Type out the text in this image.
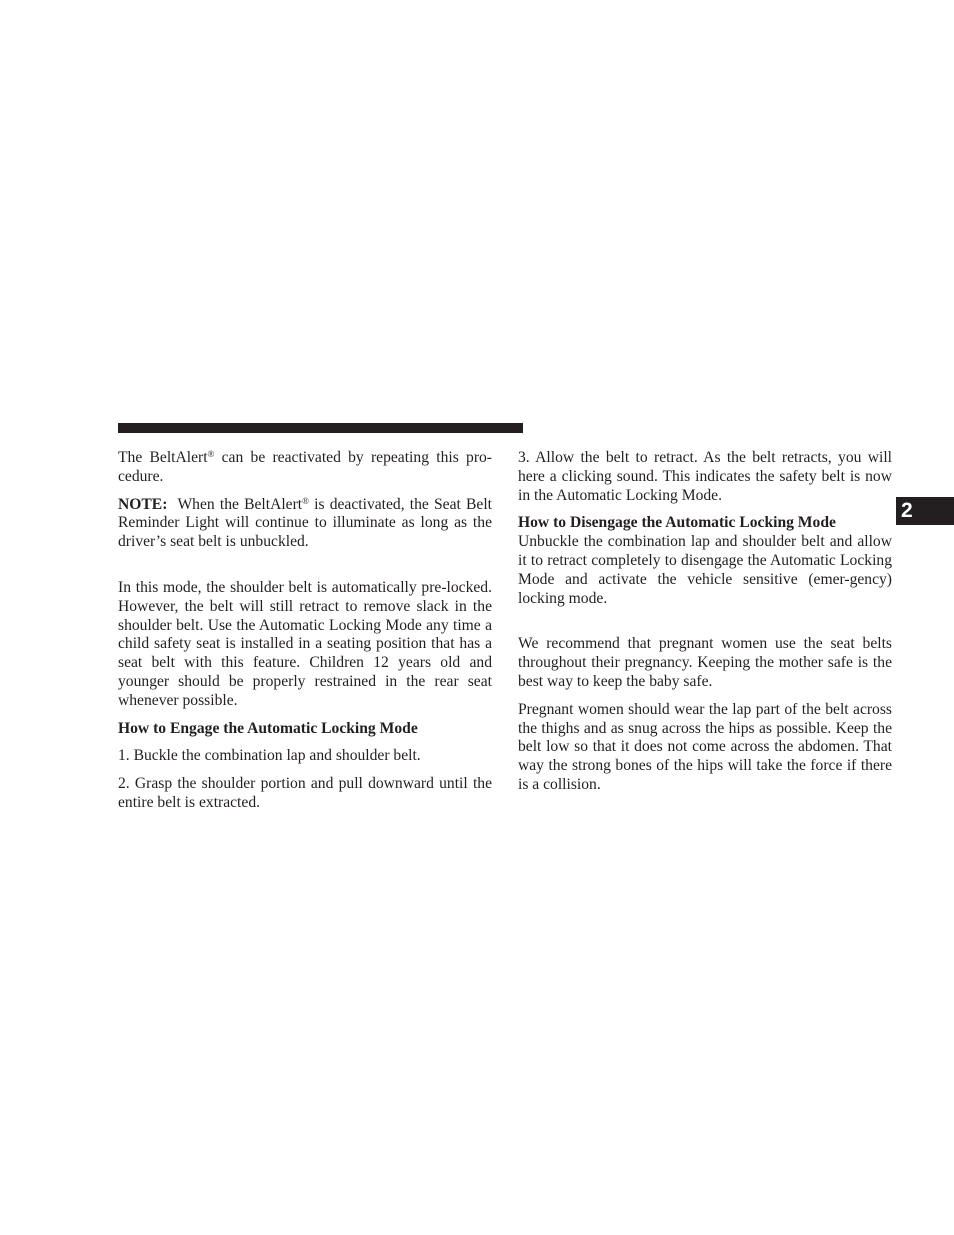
The BeltAlert® can be reactivated by repeating this pro-cedure.

NOTE:  When the BeltAlert® is deactivated, the Seat Belt Reminder Light will continue to illuminate as long as the driver’s seat belt is unbuckled.

In this mode, the shoulder belt is automatically pre-locked. However, the belt will still retract to remove slack in the shoulder belt. Use the Automatic Locking Mode any time a child safety seat is installed in a seating position that has a seat belt with this feature. Children 12 years old and younger should be properly restrained in the rear seat whenever possible.

How to Engage the Automatic Locking Mode

1. Buckle the combination lap and shoulder belt.

2. Grasp the shoulder portion and pull downward until the entire belt is extracted.

3. Allow the belt to retract. As the belt retracts, you will here a clicking sound. This indicates the safety belt is now in the Automatic Locking Mode.

How to Disengage the Automatic Locking Mode

Unbuckle the combination lap and shoulder belt and allow it to retract completely to disengage the Automatic Locking Mode and activate the vehicle sensitive (emer-gency) locking mode.

We recommend that pregnant women use the seat belts throughout their pregnancy. Keeping the mother safe is the best way to keep the baby safe.

Pregnant women should wear the lap part of the belt across the thighs and as snug across the hips as possible. Keep the belt low so that it does not come across the abdomen. That way the strong bones of the hips will take the force if there is a collision.

2
